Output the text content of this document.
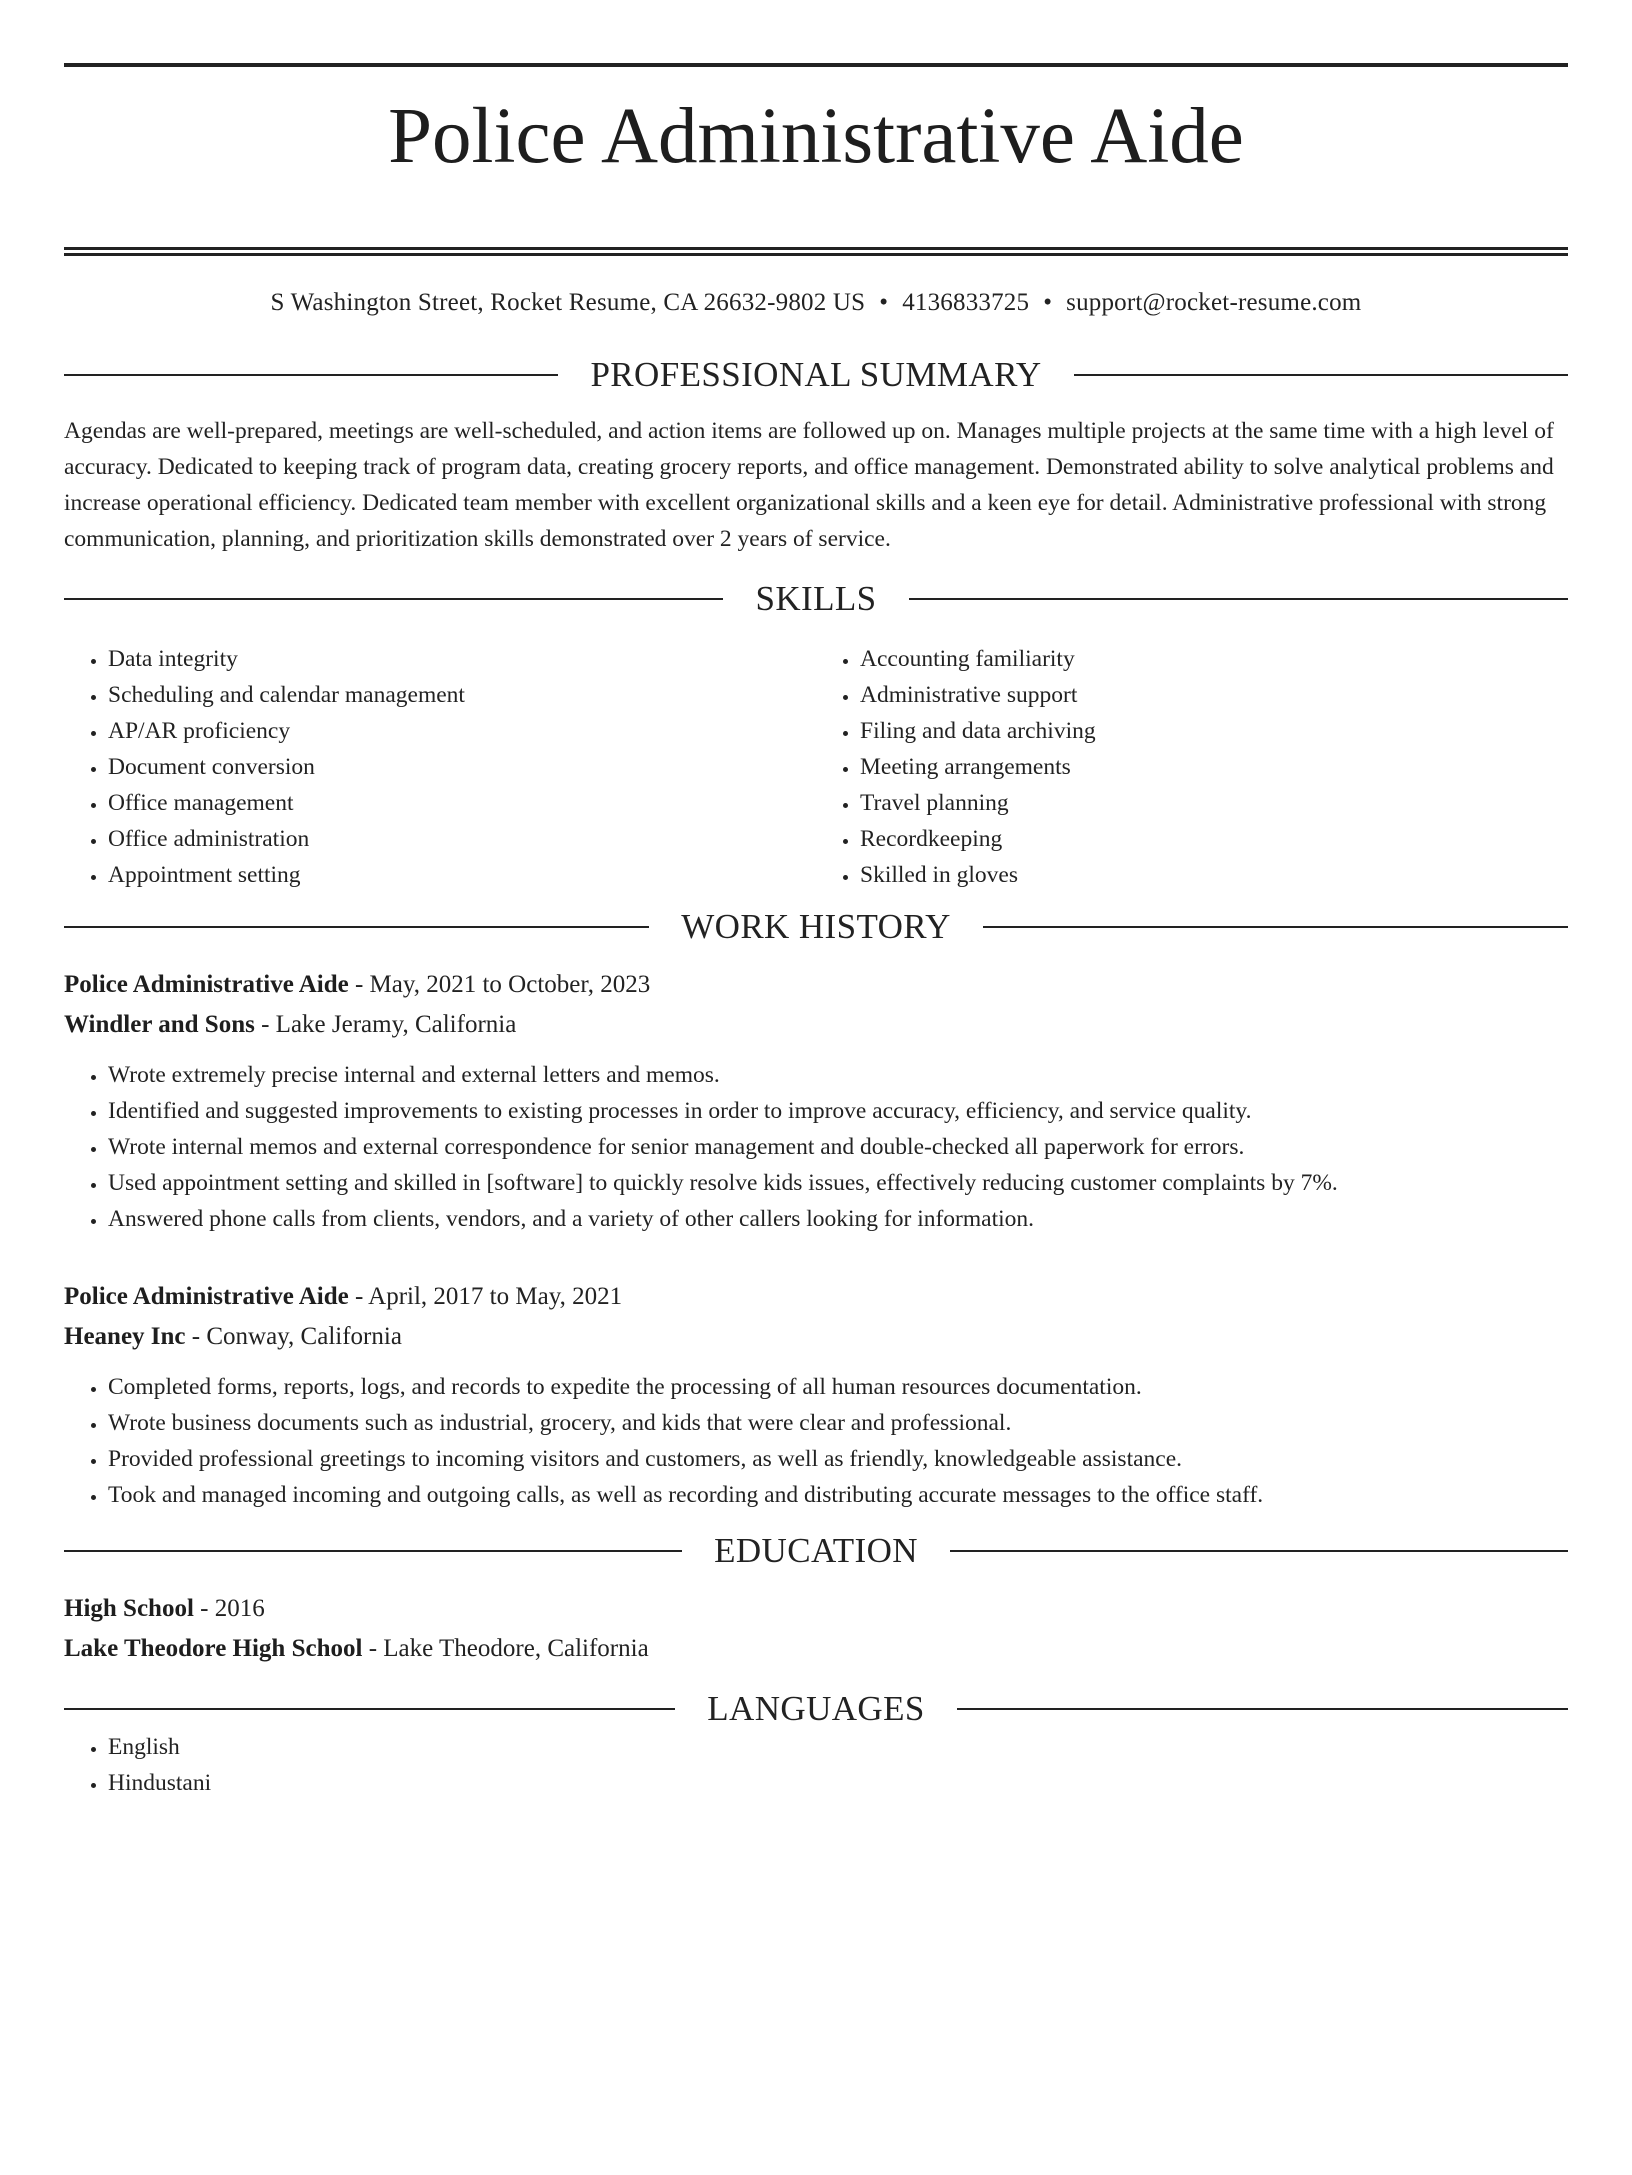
Police Administrative Aide
S Washington Street, Rocket Resume, CA 26632-9802 US • 4136833725 • support@rocket-resume.com
PROFESSIONAL SUMMARY
Agendas are well-prepared, meetings are well-scheduled, and action items are followed up on. Manages multiple projects at the same time with a high level of accuracy. Dedicated to keeping track of program data, creating grocery reports, and office management. Demonstrated ability to solve analytical problems and increase operational efficiency. Dedicated team member with excellent organizational skills and a keen eye for detail. Administrative professional with strong communication, planning, and prioritization skills demonstrated over 2 years of service.
SKILLS
• Data integrity
• Scheduling and calendar management
• AP/AR proficiency
• Document conversion
• Office management
• Office administration
• Appointment setting
• Accounting familiarity
• Administrative support
• Filing and data archiving
• Meeting arrangements
• Travel planning
• Recordkeeping
• Skilled in gloves
WORK HISTORY
Police Administrative Aide - May, 2021 to October, 2023
Windler and Sons - Lake Jeramy, California
• Wrote extremely precise internal and external letters and memos.
• Identified and suggested improvements to existing processes in order to improve accuracy, efficiency, and service quality.
• Wrote internal memos and external correspondence for senior management and double-checked all paperwork for errors.
• Used appointment setting and skilled in [software] to quickly resolve kids issues, effectively reducing customer complaints by 7%.
• Answered phone calls from clients, vendors, and a variety of other callers looking for information.
Police Administrative Aide - April, 2017 to May, 2021
Heaney Inc - Conway, California
• Completed forms, reports, logs, and records to expedite the processing of all human resources documentation.
• Wrote business documents such as industrial, grocery, and kids that were clear and professional.
• Provided professional greetings to incoming visitors and customers, as well as friendly, knowledgeable assistance.
• Took and managed incoming and outgoing calls, as well as recording and distributing accurate messages to the office staff.
EDUCATION
High School - 2016
Lake Theodore High School - Lake Theodore, California
LANGUAGES
• English
• Hindustani
